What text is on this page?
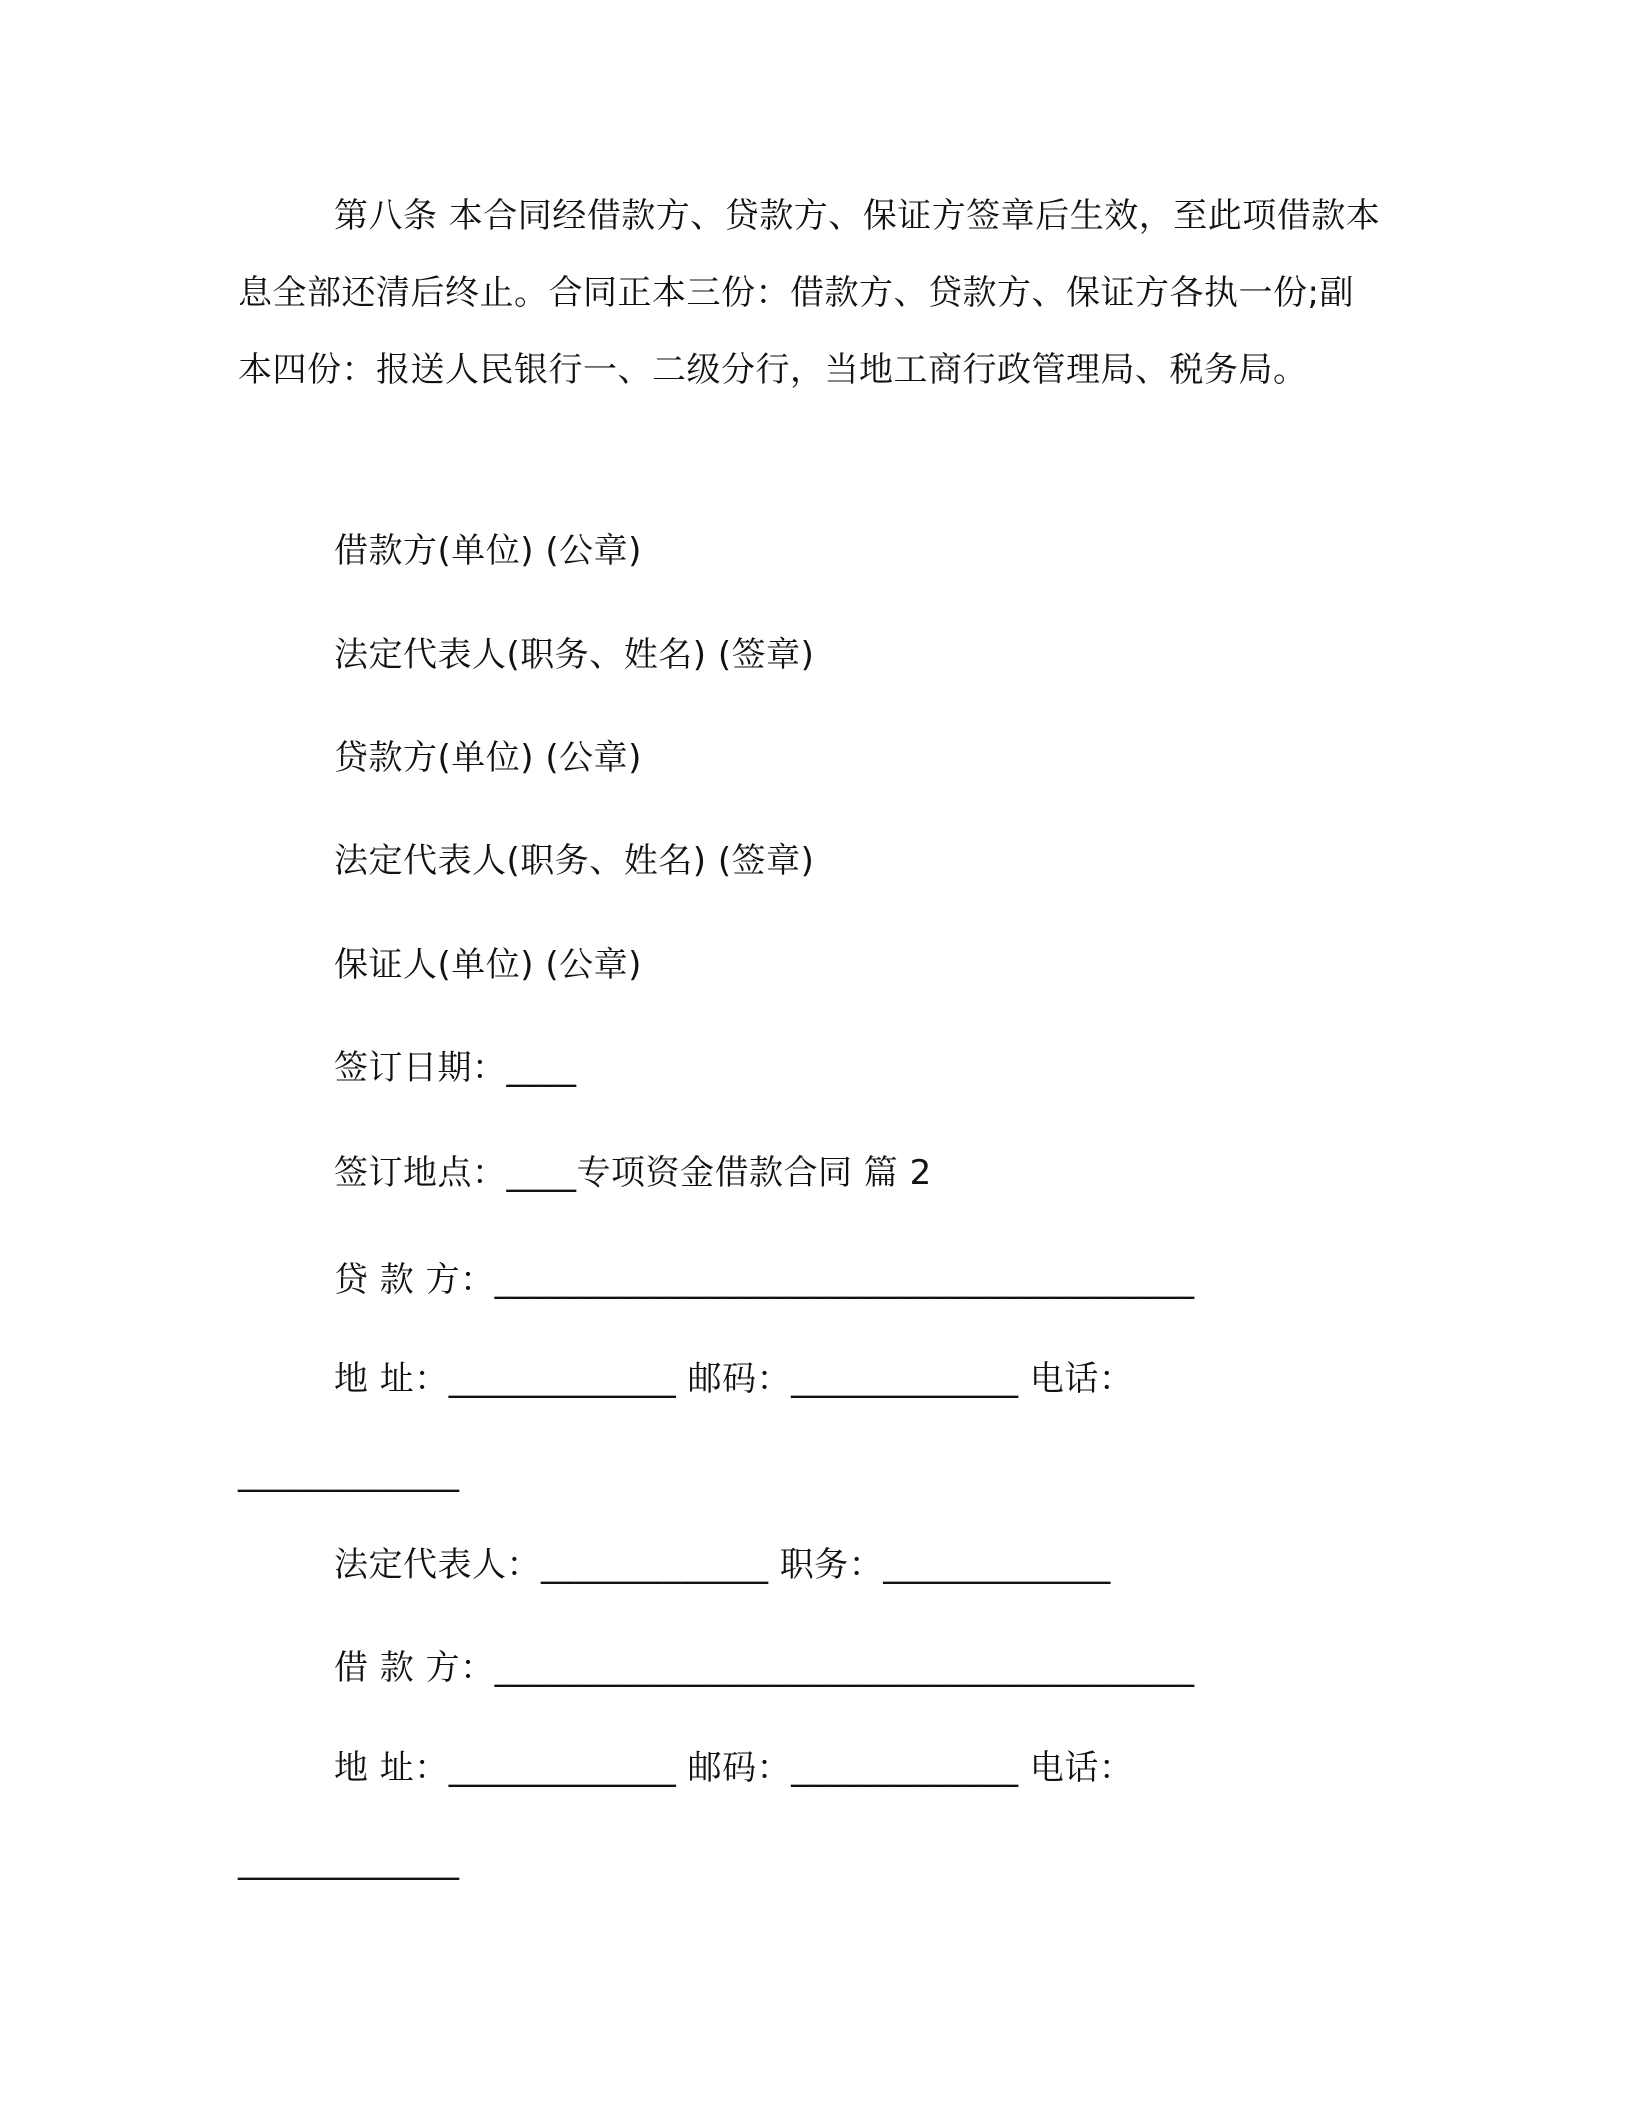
第八条 本合同经借款方、贷款方、保证方签章后生效，至此项借款本息全部还清后终止。合同正本三份：借款方、贷款方、保证方各执一份;副本四份：报送人民银行一、二级分行，当地工商行政管理局、税务局。

借款方(单位) (公章)

法定代表人(职务、姓名) (签章)

贷款方(单位) (公章)

法定代表人(职务、姓名) (签章)

保证人(单位) (公章)

签订日期：____

签订地点：____专项资金借款合同 篇 2

贷 款 方：________________________________________

地 址：_____________ 邮码：_____________ 电话：

_____________

法定代表人：_____________ 职务：_____________

借 款 方：________________________________________

地 址：_____________ 邮码：_____________ 电话：

_____________
